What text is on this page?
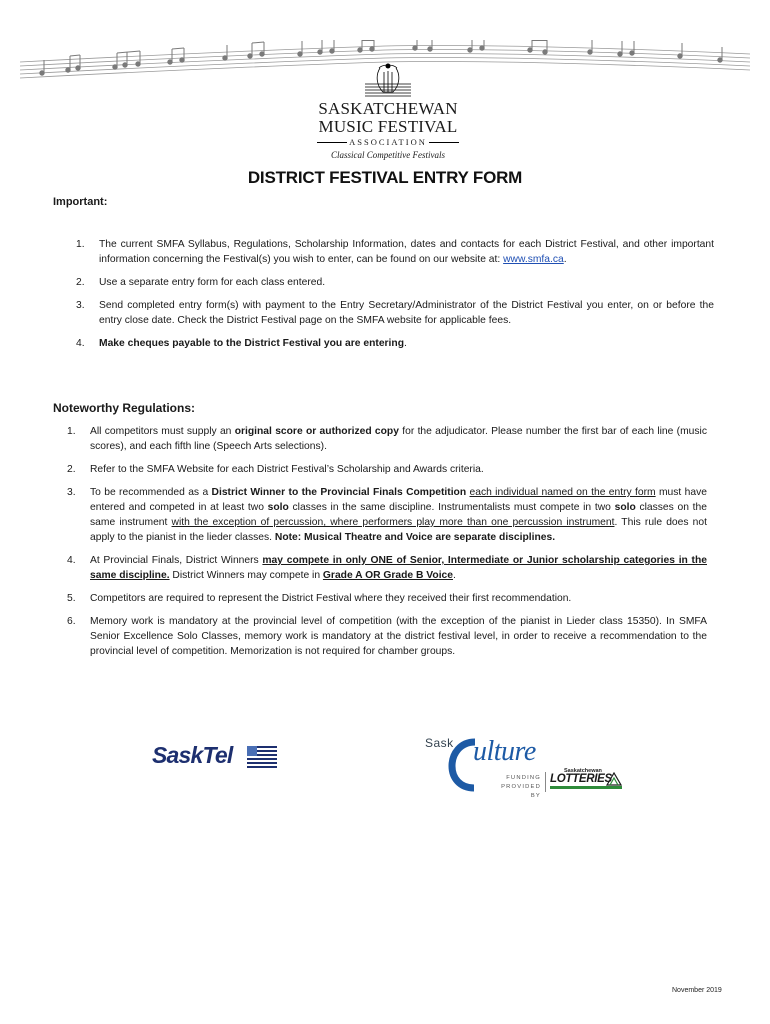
SASKATCHEWAN
MUSIC FESTIVAL
ASSOCIATION
Classical Competitive Festivals
DISTRICT FESTIVAL ENTRY FORM
Important:
1. The current SMFA Syllabus, Regulations, Scholarship Information, dates and contacts for each District Festival, and other important information concerning the Festival(s) you wish to enter, can be found on our website at: www.smfa.ca.
2. Use a separate entry form for each class entered.
3. Send completed entry form(s) with payment to the Entry Secretary/Administrator of the District Festival you enter, on or before the entry close date. Check the District Festival page on the SMFA website for applicable fees.
4. Make cheques payable to the District Festival you are entering.
Noteworthy Regulations:
1. All competitors must supply an original score or authorized copy for the adjudicator. Please number the first bar of each line (music scores), and each fifth line (Speech Arts selections).
2. Refer to the SMFA Website for each District Festival’s Scholarship and Awards criteria.
3. To be recommended as a District Winner to the Provincial Finals Competition each individual named on the entry form must have entered and competed in at least two solo classes in the same discipline. Instrumentalists must compete in two solo classes on the same instrument with the exception of percussion, where performers play more than one percussion instrument. This rule does not apply to the pianist in the lieder classes. Note: Musical Theatre and Voice are separate disciplines.
4. At Provincial Finals, District Winners may compete in only ONE of Senior, Intermediate or Junior scholarship categories in the same discipline. District Winners may compete in Grade A OR Grade B Voice.
5. Competitors are required to represent the District Festival where they received their first recommendation.
6. Memory work is mandatory at the provincial level of competition (with the exception of the pianist in Lieder class 15350). In SMFA Senior Excellence Solo Classes, memory work is mandatory at the district festival level, in order to receive a recommendation to the provincial level of competition. Memorization is not required for chamber groups.
SaskTel	Sask ulture
FUNDING
PROVIDED BY
Saskatchewan
LOTTERIES
November 2019
